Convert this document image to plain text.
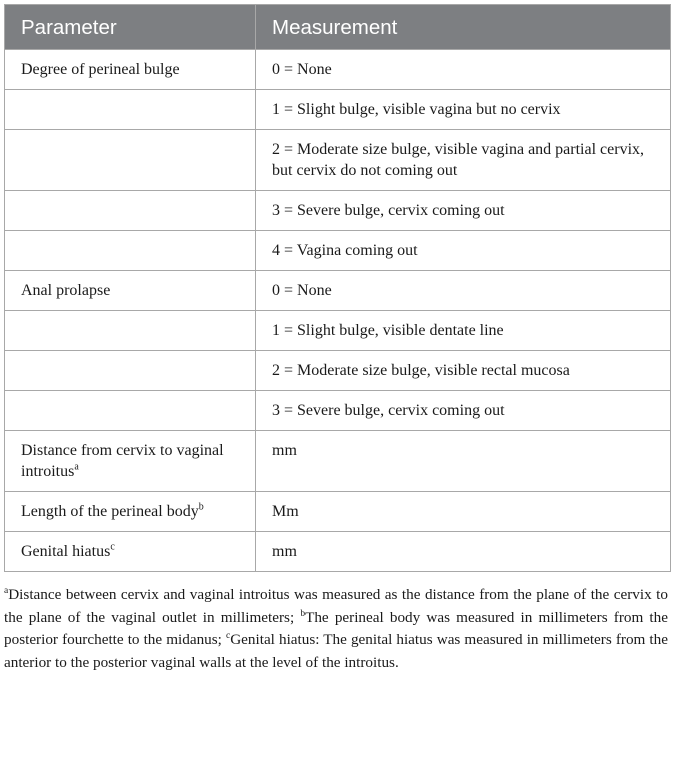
Parameter	Measurement
Degree of perineal bulge	0 = None
	1 = Slight bulge, visible vagina but no cervix
	2 = Moderate size bulge, visible vagina and partial cervix, but cervix do not coming out
	3 = Severe bulge, cervix coming out
	4 = Vagina coming out
Anal prolapse	0 = None
	1 = Slight bulge, visible dentate line
	2 = Moderate size bulge, visible rectal mucosa
	3 = Severe bulge, cervix coming out
Distance from cervix to vaginal introitus$^a$	mm
Length of the perineal body$^b$	Mm
Genital hiatus$^c$	mm
$^a$Distance between cervix and vaginal introitus was measured as the distance from the plane of the cervix to the plane of the vaginal outlet in millimeters; $^b$The perineal body was measured in millimeters from the posterior fourchette to the midanus; $^c$Genital hiatus: The genital hiatus was measured in millimeters from the anterior to the posterior vaginal walls at the level of the introitus.
